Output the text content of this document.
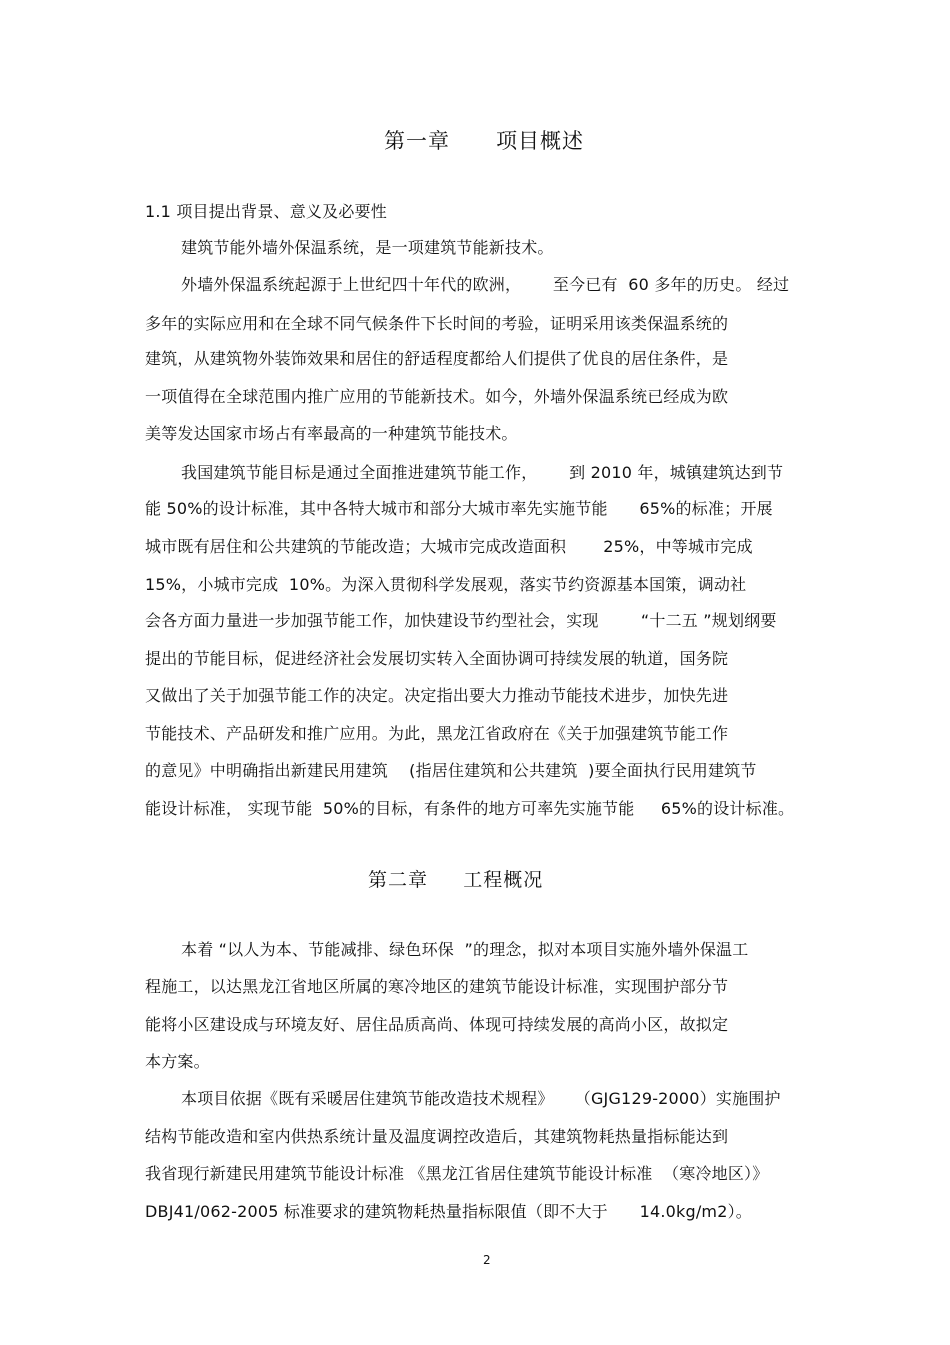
第一章 项目概述
1.1 项目提出背景、意义及必要性
建筑节能外墙外保温系统，是一项建筑节能新技术。
外墙外保温系统起源于上世纪四十年代的欧洲，      至今已有  60 多年的历史。 经过
多年的实际应用和在全球不同气候条件下长时间的考验，证明采用该类保温系统的
建筑，从建筑物外装饰效果和居住的舒适程度都给人们提供了优良的居住条件，是
一项值得在全球范围内推广应用的节能新技术。如今，外墙外保温系统已经成为欧
美等发达国家市场占有率最高的一种建筑节能技术。
我国建筑节能目标是通过全面推进建筑节能工作，      到 2010 年，城镇建筑达到节
能 50%的设计标准，其中各特大城市和部分大城市率先实施节能      65%的标准；开展
城市既有居住和公共建筑的节能改造；大城市完成改造面积       25%，中等城市完成
15%，小城市完成  10%。为深入贯彻科学发展观，落实节约资源基本国策，调动社
会各方面力量进一步加强节能工作，加快建设节约型社会，实现        “十二五 ”规划纲要
提出的节能目标，促进经济社会发展切实转入全面协调可持续发展的轨道，国务院
又做出了关于加强节能工作的决定。决定指出要大力推动节能技术进步，加快先进
节能技术、产品研发和推广应用。为此，黑龙江省政府在《关于加强建筑节能工作
的意见》中明确指出新建民用建筑    (指居住建筑和公共建筑  )要全面执行民用建筑节
能设计标准， 实现节能  50%的目标，有条件的地方可率先实施节能     65%的设计标准。
第二章 工程概况
本着 “以人为本、节能减排、绿色环保  ”的理念，拟对本项目实施外墙外保温工
程施工，以达黑龙江省地区所属的寒冷地区的建筑节能设计标准，实现围护部分节
能将小区建设成与环境友好、居住品质高尚、体现可持续发展的高尚小区，故拟定
本方案。
本项目依据《既有采暖居住建筑节能改造技术规程》    （GJG129-2000）实施围护
结构节能改造和室内供热系统计量及温度调控改造后，其建筑物耗热量指标能达到
我省现行新建民用建筑节能设计标准 《黑龙江省居住建筑节能设计标准  （寒冷地区）》
DBJ41/062-2005 标准要求的建筑物耗热量指标限值（即不大于      14.0kg/m2）。
2
